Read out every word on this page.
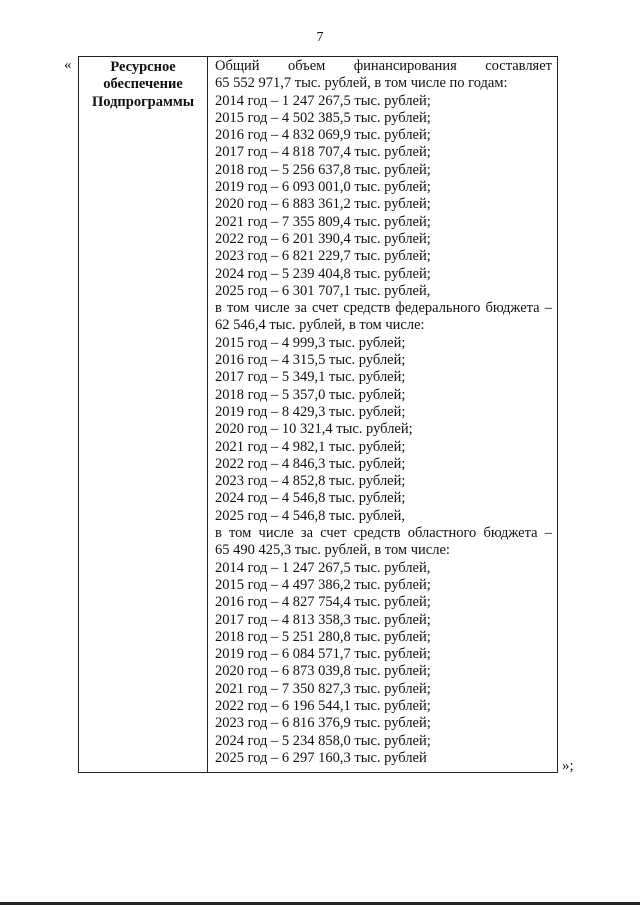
7
«	Ресурсное
обеспечение
Подпрограммы
Общий объем финансирования составляет
65 552 971,7 тыс. рублей, в том числе по годам:
2014 год – 1 247 267,5 тыс. рублей;
2015 год – 4 502 385,5 тыс. рублей;
2016 год – 4 832 069,9 тыс. рублей;
2017 год – 4 818 707,4 тыс. рублей;
2018 год – 5 256 637,8 тыс. рублей;
2019 год – 6 093 001,0 тыс. рублей;
2020 год – 6 883 361,2 тыс. рублей;
2021 год – 7 355 809,4 тыс. рублей;
2022 год – 6 201 390,4 тыс. рублей;
2023 год – 6 821 229,7 тыс. рублей;
2024 год – 5 239 404,8 тыс. рублей;
2025 год – 6 301 707,1 тыс. рублей,
в том числе за счет средств федерального бюджета –
62 546,4 тыс. рублей, в том числе:
2015 год – 4 999,3 тыс. рублей;
2016 год – 4 315,5 тыс. рублей;
2017 год – 5 349,1 тыс. рублей;
2018 год – 5 357,0 тыс. рублей;
2019 год – 8 429,3 тыс. рублей;
2020 год – 10 321,4 тыс. рублей;
2021 год – 4 982,1 тыс. рублей;
2022 год – 4 846,3 тыс. рублей;
2023 год – 4 852,8 тыс. рублей;
2024 год – 4 546,8 тыс. рублей;
2025 год – 4 546,8 тыс. рублей,
в том числе за счет средств областного бюджета –
65 490 425,3 тыс. рублей, в том числе:
2014 год – 1 247 267,5 тыс. рублей,
2015 год – 4 497 386,2 тыс. рублей;
2016 год – 4 827 754,4 тыс. рублей;
2017 год – 4 813 358,3 тыс. рублей;
2018 год – 5 251 280,8 тыс. рублей;
2019 год – 6 084 571,7 тыс. рублей;
2020 год – 6 873 039,8 тыс. рублей;
2021 год – 7 350 827,3 тыс. рублей;
2022 год – 6 196 544,1 тыс. рублей;
2023 год – 6 816 376,9 тыс. рублей;
2024 год – 5 234 858,0 тыс. рублей;
2025 год – 6 297 160,3 тыс. рублей
»;
